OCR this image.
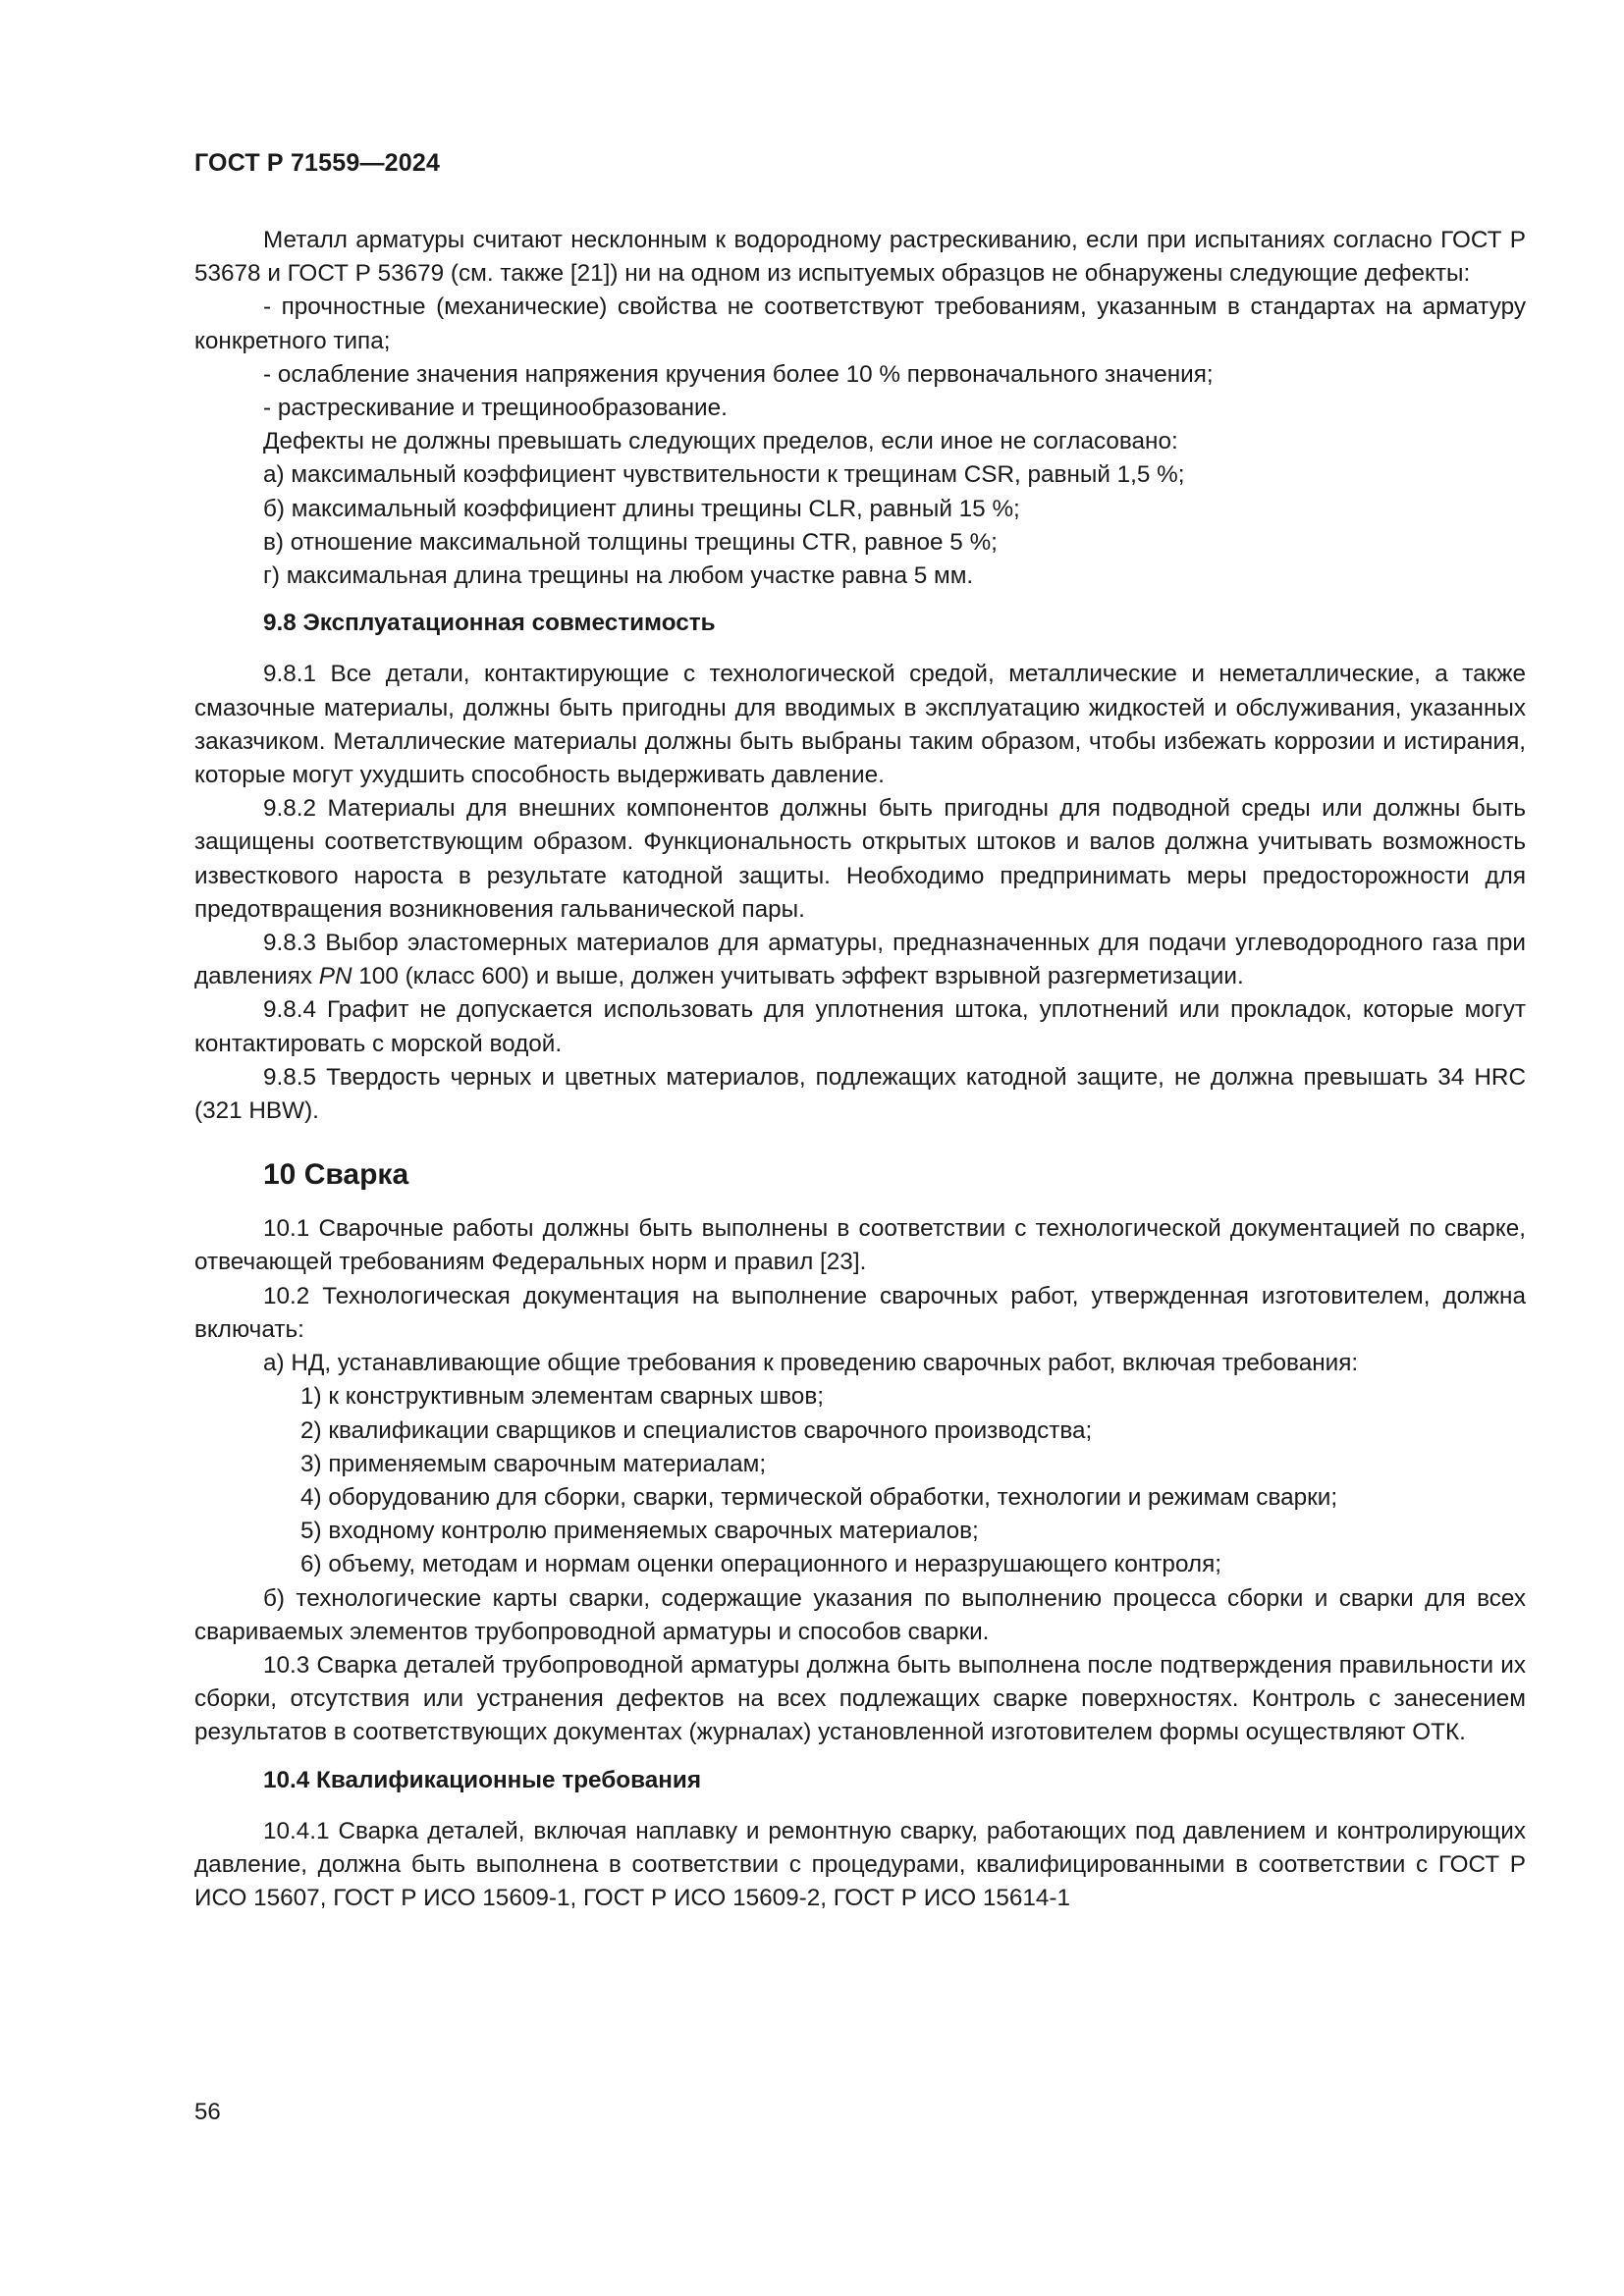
ГОСТ Р 71559—2024

Металл арматуры считают несклонным к водородному растрескиванию, если при испытаниях согласно ГОСТ Р 53678 и ГОСТ Р 53679 (см. также [21]) ни на одном из испытуемых образцов не обнаружены следующие дефекты:

- прочностные (механические) свойства не соответствуют требованиям, указанным в стандартах на арматуру конкретного типа;

- ослабление значения напряжения кручения более 10 % первоначального значения;

- растрескивание и трещинообразование.

Дефекты не должны превышать следующих пределов, если иное не согласовано:

а) максимальный коэффициент чувствительности к трещинам CSR, равный 1,5 %;

б) максимальный коэффициент длины трещины CLR, равный 15 %;

в) отношение максимальной толщины трещины CTR, равное 5 %;

г) максимальная длина трещины на любом участке равна 5 мм.

9.8 Эксплуатационная совместимость

9.8.1 Все детали, контактирующие с технологической средой, металлические и неметаллические, а также смазочные материалы, должны быть пригодны для вводимых в эксплуатацию жидкостей и обслуживания, указанных заказчиком. Металлические материалы должны быть выбраны таким образом, чтобы избежать коррозии и истирания, которые могут ухудшить способность выдерживать давление.

9.8.2 Материалы для внешних компонентов должны быть пригодны для подводной среды или должны быть защищены соответствующим образом. Функциональность открытых штоков и валов должна учитывать возможность известкового нароста в результате катодной защиты. Необходимо предпринимать меры предосторожности для предотвращения возникновения гальванической пары.

9.8.3 Выбор эластомерных материалов для арматуры, предназначенных для подачи углеводородного газа при давлениях PN 100 (класс 600) и выше, должен учитывать эффект взрывной разгерметизации.

9.8.4 Графит не допускается использовать для уплотнения штока, уплотнений или прокладок, которые могут контактировать с морской водой.

9.8.5 Твердость черных и цветных материалов, подлежащих катодной защите, не должна превышать 34 HRC (321 HBW).

10 Сварка

10.1 Сварочные работы должны быть выполнены в соответствии с технологической документацией по сварке, отвечающей требованиям Федеральных норм и правил [23].

10.2 Технологическая документация на выполнение сварочных работ, утвержденная изготовителем, должна включать:

а) НД, устанавливающие общие требования к проведению сварочных работ, включая требования:

1) к конструктивным элементам сварных швов;

2) квалификации сварщиков и специалистов сварочного производства;

3) применяемым сварочным материалам;

4) оборудованию для сборки, сварки, термической обработки, технологии и режимам сварки;

5) входному контролю применяемых сварочных материалов;

6) объему, методам и нормам оценки операционного и неразрушающего контроля;

б) технологические карты сварки, содержащие указания по выполнению процесса сборки и сварки для всех свариваемых элементов трубопроводной арматуры и способов сварки.

10.3 Сварка деталей трубопроводной арматуры должна быть выполнена после подтверждения правильности их сборки, отсутствия или устранения дефектов на всех подлежащих сварке поверхностях. Контроль с занесением результатов в соответствующих документах (журналах) установленной изготовителем формы осуществляют ОТК.

10.4 Квалификационные требования

10.4.1 Сварка деталей, включая наплавку и ремонтную сварку, работающих под давлением и контролирующих давление, должна быть выполнена в соответствии с процедурами, квалифицированными в соответствии с ГОСТ Р ИСО 15607, ГОСТ Р ИСО 15609-1, ГОСТ Р ИСО 15609-2, ГОСТ Р ИСО 15614-1

56
